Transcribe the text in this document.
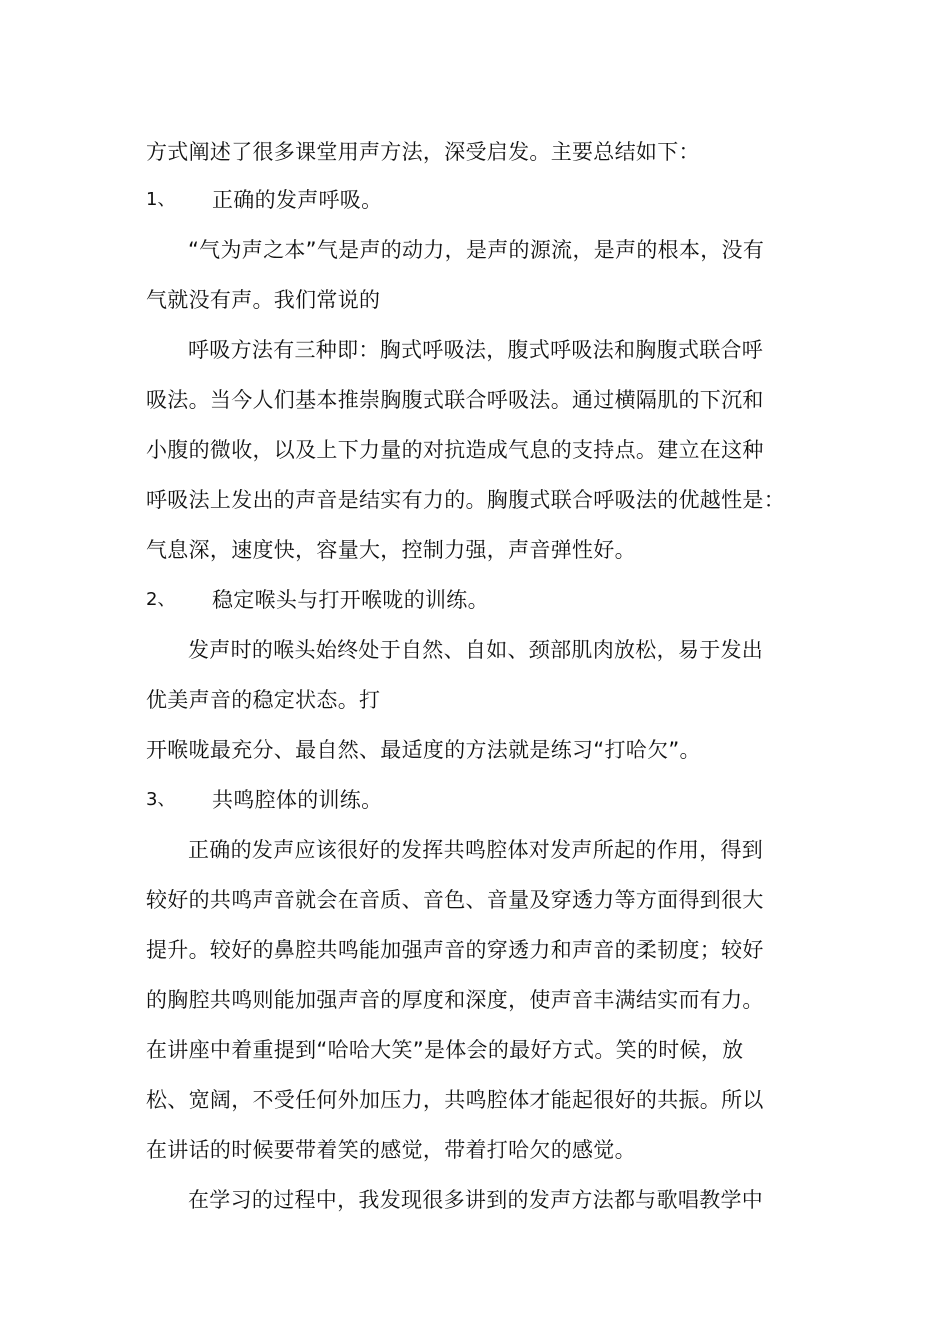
方式阐述了很多课堂用声方法，深受启发。主要总结如下：
1、 正确的发声呼吸。
“气为声之本”气是声的动力，是声的源流，是声的根本，没有
气就没有声。我们常说的
呼吸方法有三种即：胸式呼吸法，腹式呼吸法和胸腹式联合呼
吸法。当今人们基本推崇胸腹式联合呼吸法。通过横隔肌的下沉和
小腹的微收，以及上下力量的对抗造成气息的支持点。建立在这种
呼吸法上发出的声音是结实有力的。胸腹式联合呼吸法的优越性是：
气息深，速度快，容量大，控制力强，声音弹性好。
2、 稳定喉头与打开喉咙的训练。
发声时的喉头始终处于自然、自如、颈部肌肉放松，易于发出
优美声音的稳定状态。打
开喉咙最充分、最自然、最适度的方法就是练习“打哈欠”。
3、 共鸣腔体的训练。
正确的发声应该很好的发挥共鸣腔体对发声所起的作用，得到
较好的共鸣声音就会在音质、音色、音量及穿透力等方面得到很大
提升。较好的鼻腔共鸣能加强声音的穿透力和声音的柔韧度；较好
的胸腔共鸣则能加强声音的厚度和深度，使声音丰满结实而有力。
在讲座中着重提到“哈哈大笑”是体会的最好方式。笑的时候，放
松、宽阔，不受任何外加压力，共鸣腔体才能起很好的共振。所以
在讲话的时候要带着笑的感觉，带着打哈欠的感觉。
在学习的过程中，我发现很多讲到的发声方法都与歌唱教学中
